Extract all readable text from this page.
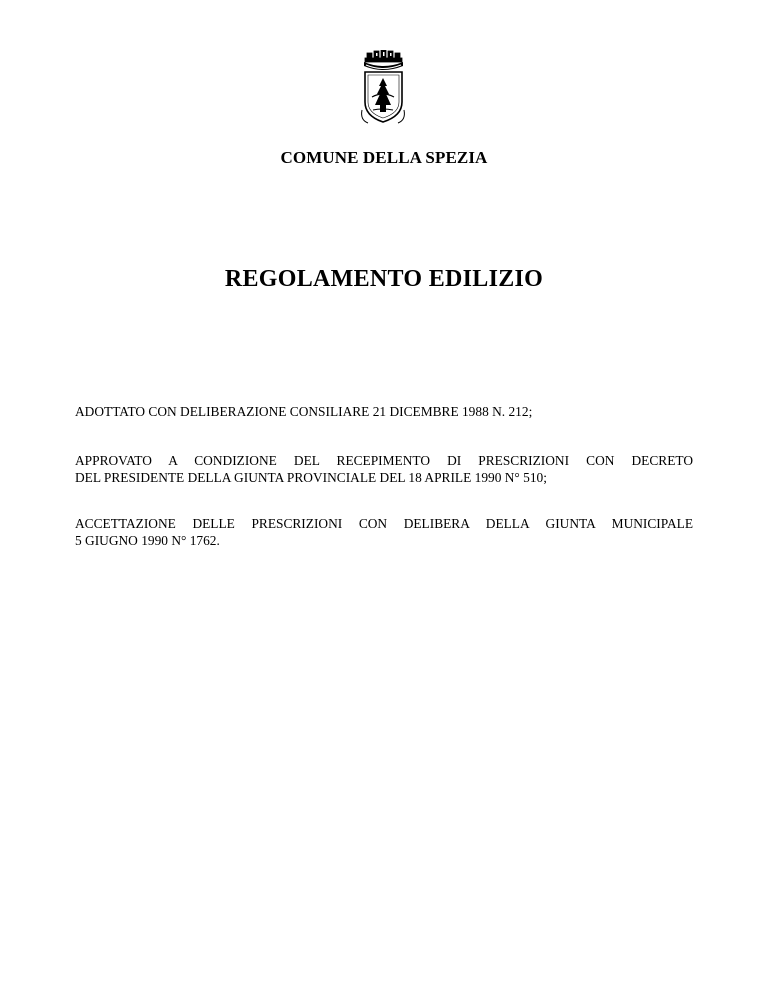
COMUNE DELLA SPEZIA
REGOLAMENTO EDILIZIO
ADOTTATO CON DELIBERAZIONE CONSILIARE 21 DICEMBRE 1988 N. 212;
APPROVATO A CONDIZIONE DEL RECEPIMENTO DI PRESCRIZIONI CON DECRETO
DEL PRESIDENTE DELLA GIUNTA PROVINCIALE DEL 18 APRILE 1990 N° 510;
ACCETTAZIONE DELLE PRESCRIZIONI CON DELIBERA DELLA GIUNTA MUNICIPALE
5 GIUGNO 1990 N° 1762.
